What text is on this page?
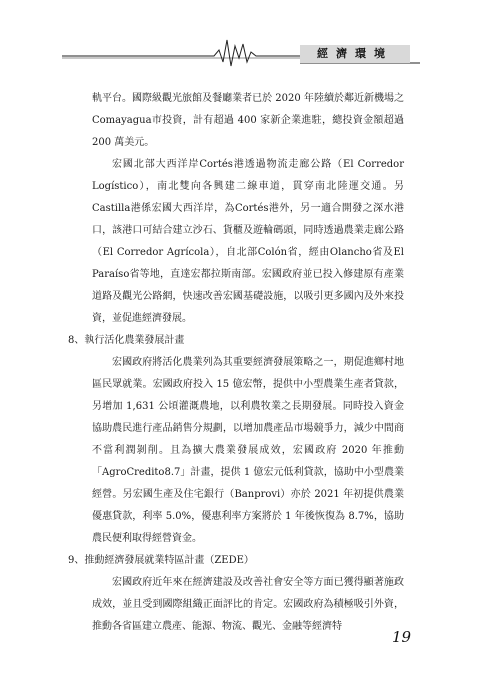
經濟環境

軌平台。國際級觀光旅館及餐廳業者已於 2020 年陸續於鄰近新機場之Comayagua市投資，計有超過 400 家新企業進駐，總投資金額超過 200 萬美元。

宏國北部大西洋岸Cortés港透過物流走廊公路（El Corredor Logístico），南北雙向各興建二線車道，貫穿南北陸運交通。另Castilla港係宏國大西洋岸，為Cortés港外，另一適合開發之深水港口，該港口可結合建立沙石、貨櫃及遊輪碼頭，同時透過農業走廊公路（El Corredor Agrícola），自北部Colón省，經由Olancho省及El Paraíso省等地，直達宏都拉斯南部。宏國政府並已投入修建原有產業道路及觀光公路網，快速改善宏國基礎設施，以吸引更多國內及外來投資，並促進經濟發展。

8、執行活化農業發展計畫

宏國政府將活化農業列為其重要經濟發展策略之一，期促進鄉村地區民眾就業。宏國政府投入 15 億宏幣，提供中小型農業生產者貸款，另增加 1,631 公頃灌溉農地，以利農牧業之長期發展。同時投入資金協助農民進行產品銷售分規劃，以增加農產品市場競爭力，減少中間商不當利潤剝削。且為擴大農業發展成效，宏國政府 2020 年推動「AgroCredito8.7」計畫，提供 1 億宏元低利貸款，協助中小型農業經營。另宏國生產及住宅銀行（Banprovi）亦於 2021 年初提供農業優惠貸款，利率 5.0%，優惠利率方案將於 1 年後恢復為 8.7%，協助農民便利取得經營資金。

9、推動經濟發展就業特區計畫（ZEDE）

宏國政府近年來在經濟建設及改善社會安全等方面已獲得顯著施政成效，並且受到國際組織正面評比的肯定。宏國政府為積極吸引外資，推動各省區建立農產、能源、物流、觀光、金融等經濟特

19
